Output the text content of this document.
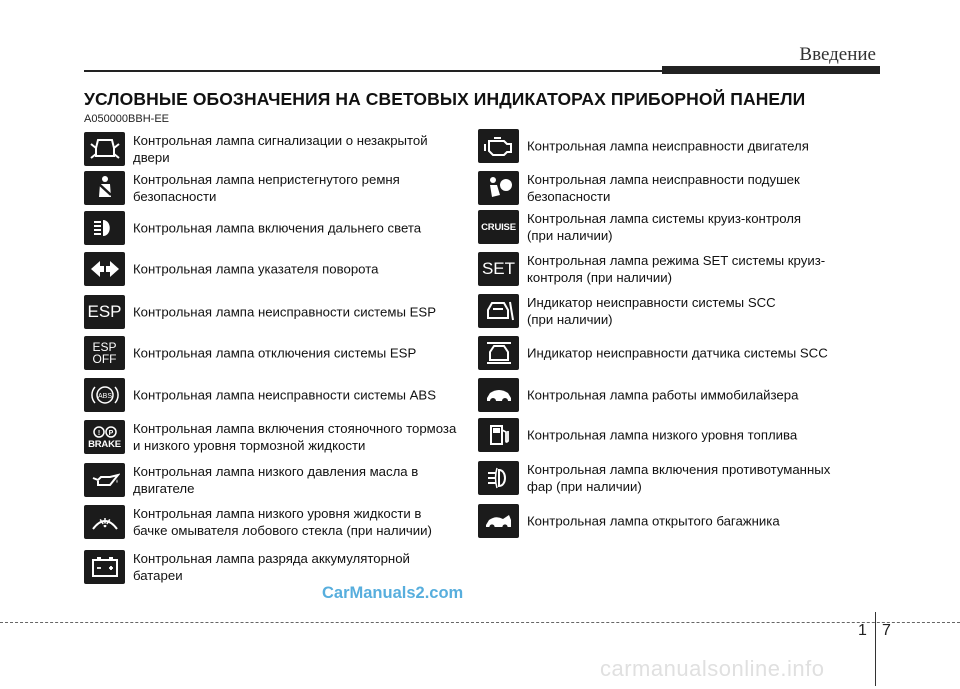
Введение
УСЛОВНЫЕ ОБОЗНАЧЕНИЯ НА СВЕТОВЫХ ИНДИКАТОРАХ ПРИБОРНОЙ ПАНЕЛИ
A050000BBH-EE
Контрольная лампа сигнализации о незакрытой
двери
Контрольная лампа непристегнутого ремня
безопасности
Контрольная лампа включения дальнего света
Контрольная лампа указателя поворота
ESP Контрольная лампа неисправности системы ESP
ESP
OFF Контрольная лампа отключения системы ESP
ABS Контрольная лампа неисправности системы ABS
! P
BRAKE
Контрольная лампа включения стояночного тормоза
и низкого уровня тормозной жидкости
Контрольная лампа низкого давления масла в
двигателе
Контрольная лампа низкого уровня жидкости в
бачке омывателя лобового стекла (при наличии)
Контрольная лампа разряда аккумуляторной
батареи
Контрольная лампа неисправности двигателя
Контрольная лампа неисправности подушек
безопасности
CRUISE
Контрольная лампа системы круиз-контроля
(при наличии)
SET Контрольная лампа режима SET системы круиз-
контроля (при наличии)
Индикатор неисправности системы SCC
(при наличии)
Индикатор неисправности датчика системы SCC
Контрольная лампа работы иммобилайзера
Контрольная лампа низкого уровня топлива
Контрольная лампа включения противотуманных
фар (при наличии)
Контрольная лампа открытого багажника
1 7
CarManuals2.com
carmanualsonline.info
